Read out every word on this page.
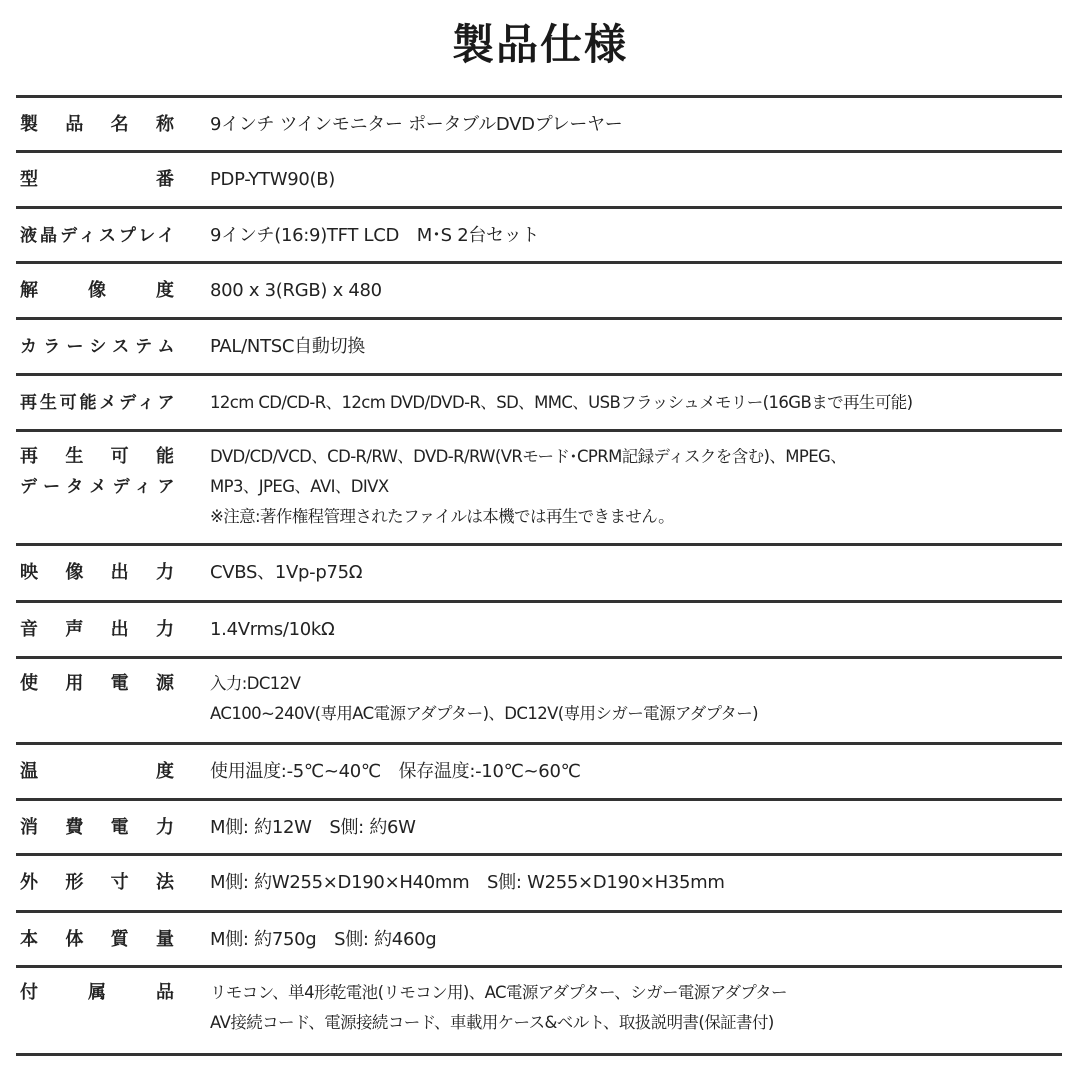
製品仕様
製品名称 9インチ ツインモニター ポータブルDVDプレーヤー
型番 PDP-YTW90(B)
液晶ディスプレイ 9インチ(16:9)TFT LCD　M･S 2台セット
解像度 800 x 3(RGB) x 480
カラーシステム PAL/NTSC自動切換
再生可能メディア 12cm CD/CD-R、12cm DVD/DVD-R、SD、MMC、USBフラッシュメモリー(16GBまで再生可能)
再生可能
データメディア
DVD/CD/VCD、CD-R/RW、DVD-R/RW(VRモード･CPRM記録ディスクを含む)、MPEG、
MP3、JPEG、AVI、DIVX
※注意:著作権程管理されたファイルは本機では再生できません。
映像出力 CVBS、1Vp-p75Ω
音声出力 1.4Vrms/10kΩ
使用電源 入力:DC12V
AC100~240V(専用AC電源アダプター)、DC12V(専用シガー電源アダプター)
温度 使用温度:-5℃~40℃　保存温度:-10℃~60℃
消費電力 M側: 約12W　S側: 約6W
外形寸法 M側: 約W255×D190×H40mm　S側: W255×D190×H35mm
本体質量 M側: 約750g　S側: 約460g
付属品 リモコン、単4形乾電池(リモコン用)、AC電源アダプター、シガー電源アダプター
AV接続コード、電源接続コード、車載用ケース&ベルト、取扱説明書(保証書付)
